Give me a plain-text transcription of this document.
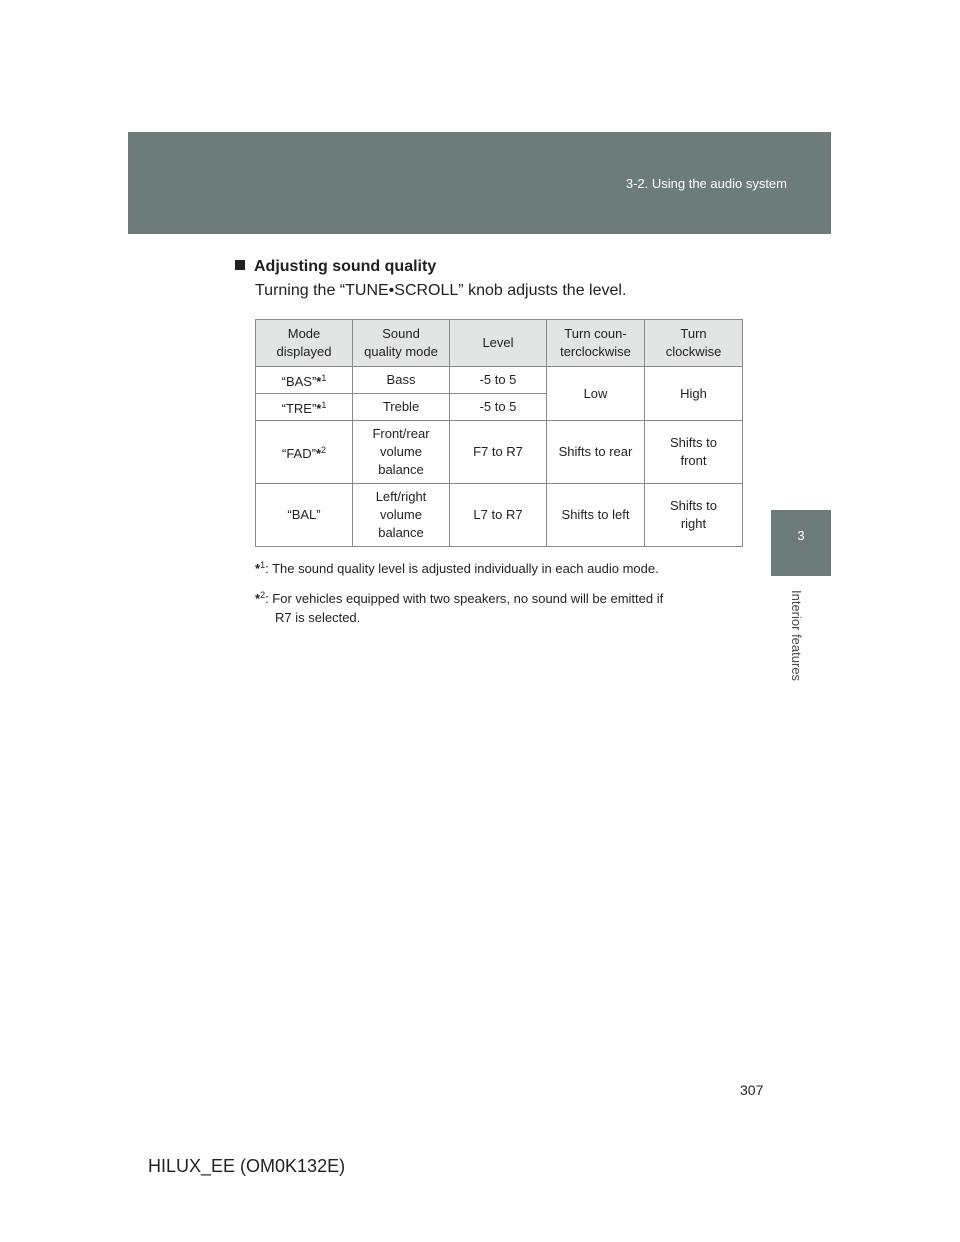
3-2. Using the audio system
3
Interior features
Adjusting sound quality
Turning the “TUNE•SCROLL” knob adjusts the level.
Mode
displayed	Sound
quality mode	Level	Turn coun-
terclockwise	Turn
clockwise
“BAS”*$^1$	Bass	-5 to 5	Low	High
“TRE”*$^1$	Treble	-5 to 5		
“FAD”*$^2$	Front/rear
volume
balance	F7 to R7	Shifts to rear	Shifts to
front
“BAL”	Left/right
volume
balance	L7 to R7	Shifts to left	Shifts to
right
*$^1$: The sound quality level is adjusted individually in each audio mode.
*$^2$: For vehicles equipped with two speakers, no sound will be emitted if
R7 is selected.
307
HILUX_EE (OM0K132E)
